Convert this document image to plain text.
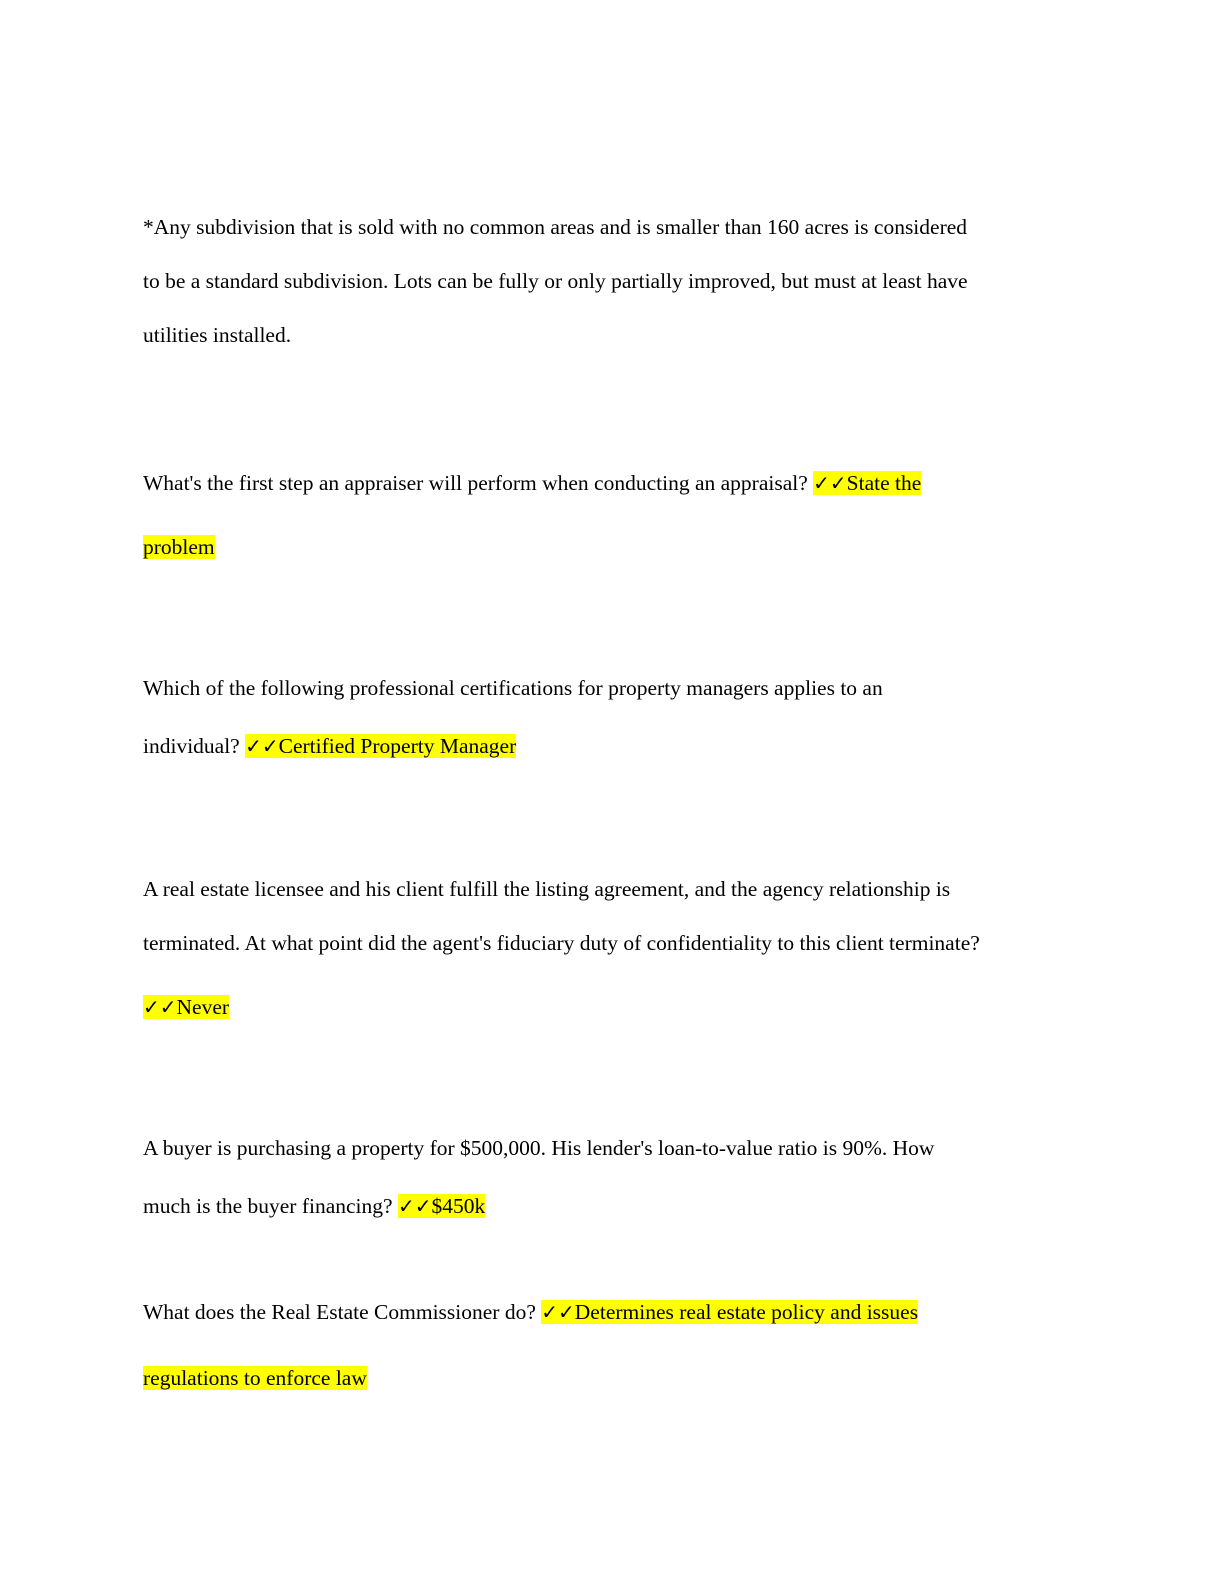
*Any subdivision that is sold with no common areas and is smaller than 160 acres is considered
to be a standard subdivision. Lots can be fully or only partially improved, but must at least have
utilities installed.

What's the first step an appraiser will perform when conducting an appraisal? ✓✓State the
problem

Which of the following professional certifications for property managers applies to an
individual? ✓✓Certified Property Manager

A real estate licensee and his client fulfill the listing agreement, and the agency relationship is
terminated. At what point did the agent's fiduciary duty of confidentiality to this client terminate?
✓✓Never

A buyer is purchasing a property for $500,000. His lender's loan-to-value ratio is 90%. How
much is the buyer financing? ✓✓$450k

What does the Real Estate Commissioner do? ✓✓Determines real estate policy and issues
regulations to enforce law
